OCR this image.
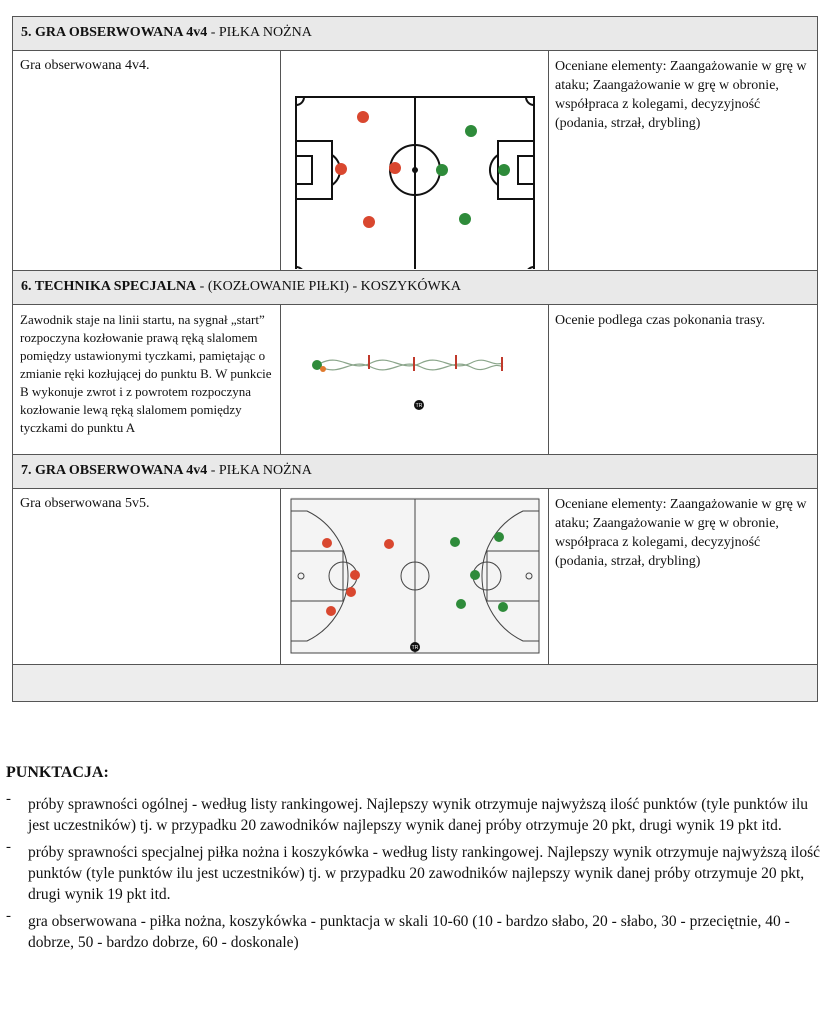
5. GRA OBSERWOWANA 4v4 - PIŁKA NOŻNA
Gra obserwowana 4v4.	Oceniane elementy: Zaangażowanie w grę w ataku; Zaangażowanie w grę w obronie, współpraca z kolegami, decyzyjność (podania, strzał, drybling)
6. TECHNIKA SPECJALNA - (KOZŁOWANIE PIŁKI) - KOSZYKÓWKA
Zawodnik staje na linii startu, na sygnał „start” rozpoczyna kozłowanie prawą ręką slalomem pomiędzy ustawionymi tyczkami, pamiętając o zmianie ręki kozłującej do punktu B. W punkcie B wykonuje zwrot i z powrotem rozpoczyna kozłowanie lewą ręką slalomem pomiędzy tyczkami do punktu A
TR
Ocenie podlega czas pokonania trasy.
7. GRA OBSERWOWANA 4v4 - PIŁKA NOŻNA
Gra obserwowana 5v5.
TR
Oceniane elementy: Zaangażowanie w grę w ataku; Zaangażowanie w grę w obronie, współpraca z kolegami, decyzyjność (podania, strzał, drybling)
PUNKTACJA:
- próby sprawności ogólnej - według listy rankingowej. Najlepszy wynik otrzymuje najwyższą ilość punktów (tyle punktów ilu jest uczestników) tj. w przypadku 20 zawodników najlepszy wynik danej próby otrzymuje 20 pkt, drugi wynik 19 pkt itd.
- próby sprawności specjalnej piłka nożna i koszykówka - według listy rankingowej. Najlepszy wynik otrzymuje najwyższą ilość punktów (tyle punktów ilu jest uczestników) tj. w przypadku 20 zawodników najlepszy wynik danej próby otrzymuje 20 pkt, drugi wynik 19 pkt itd.
- gra obserwowana - piłka nożna, koszykówka - punktacja w skali 10-60 (10 - bardzo słabo, 20 - słabo, 30 - przeciętnie, 40 - dobrze, 50 - bardzo dobrze, 60 - doskonale)
